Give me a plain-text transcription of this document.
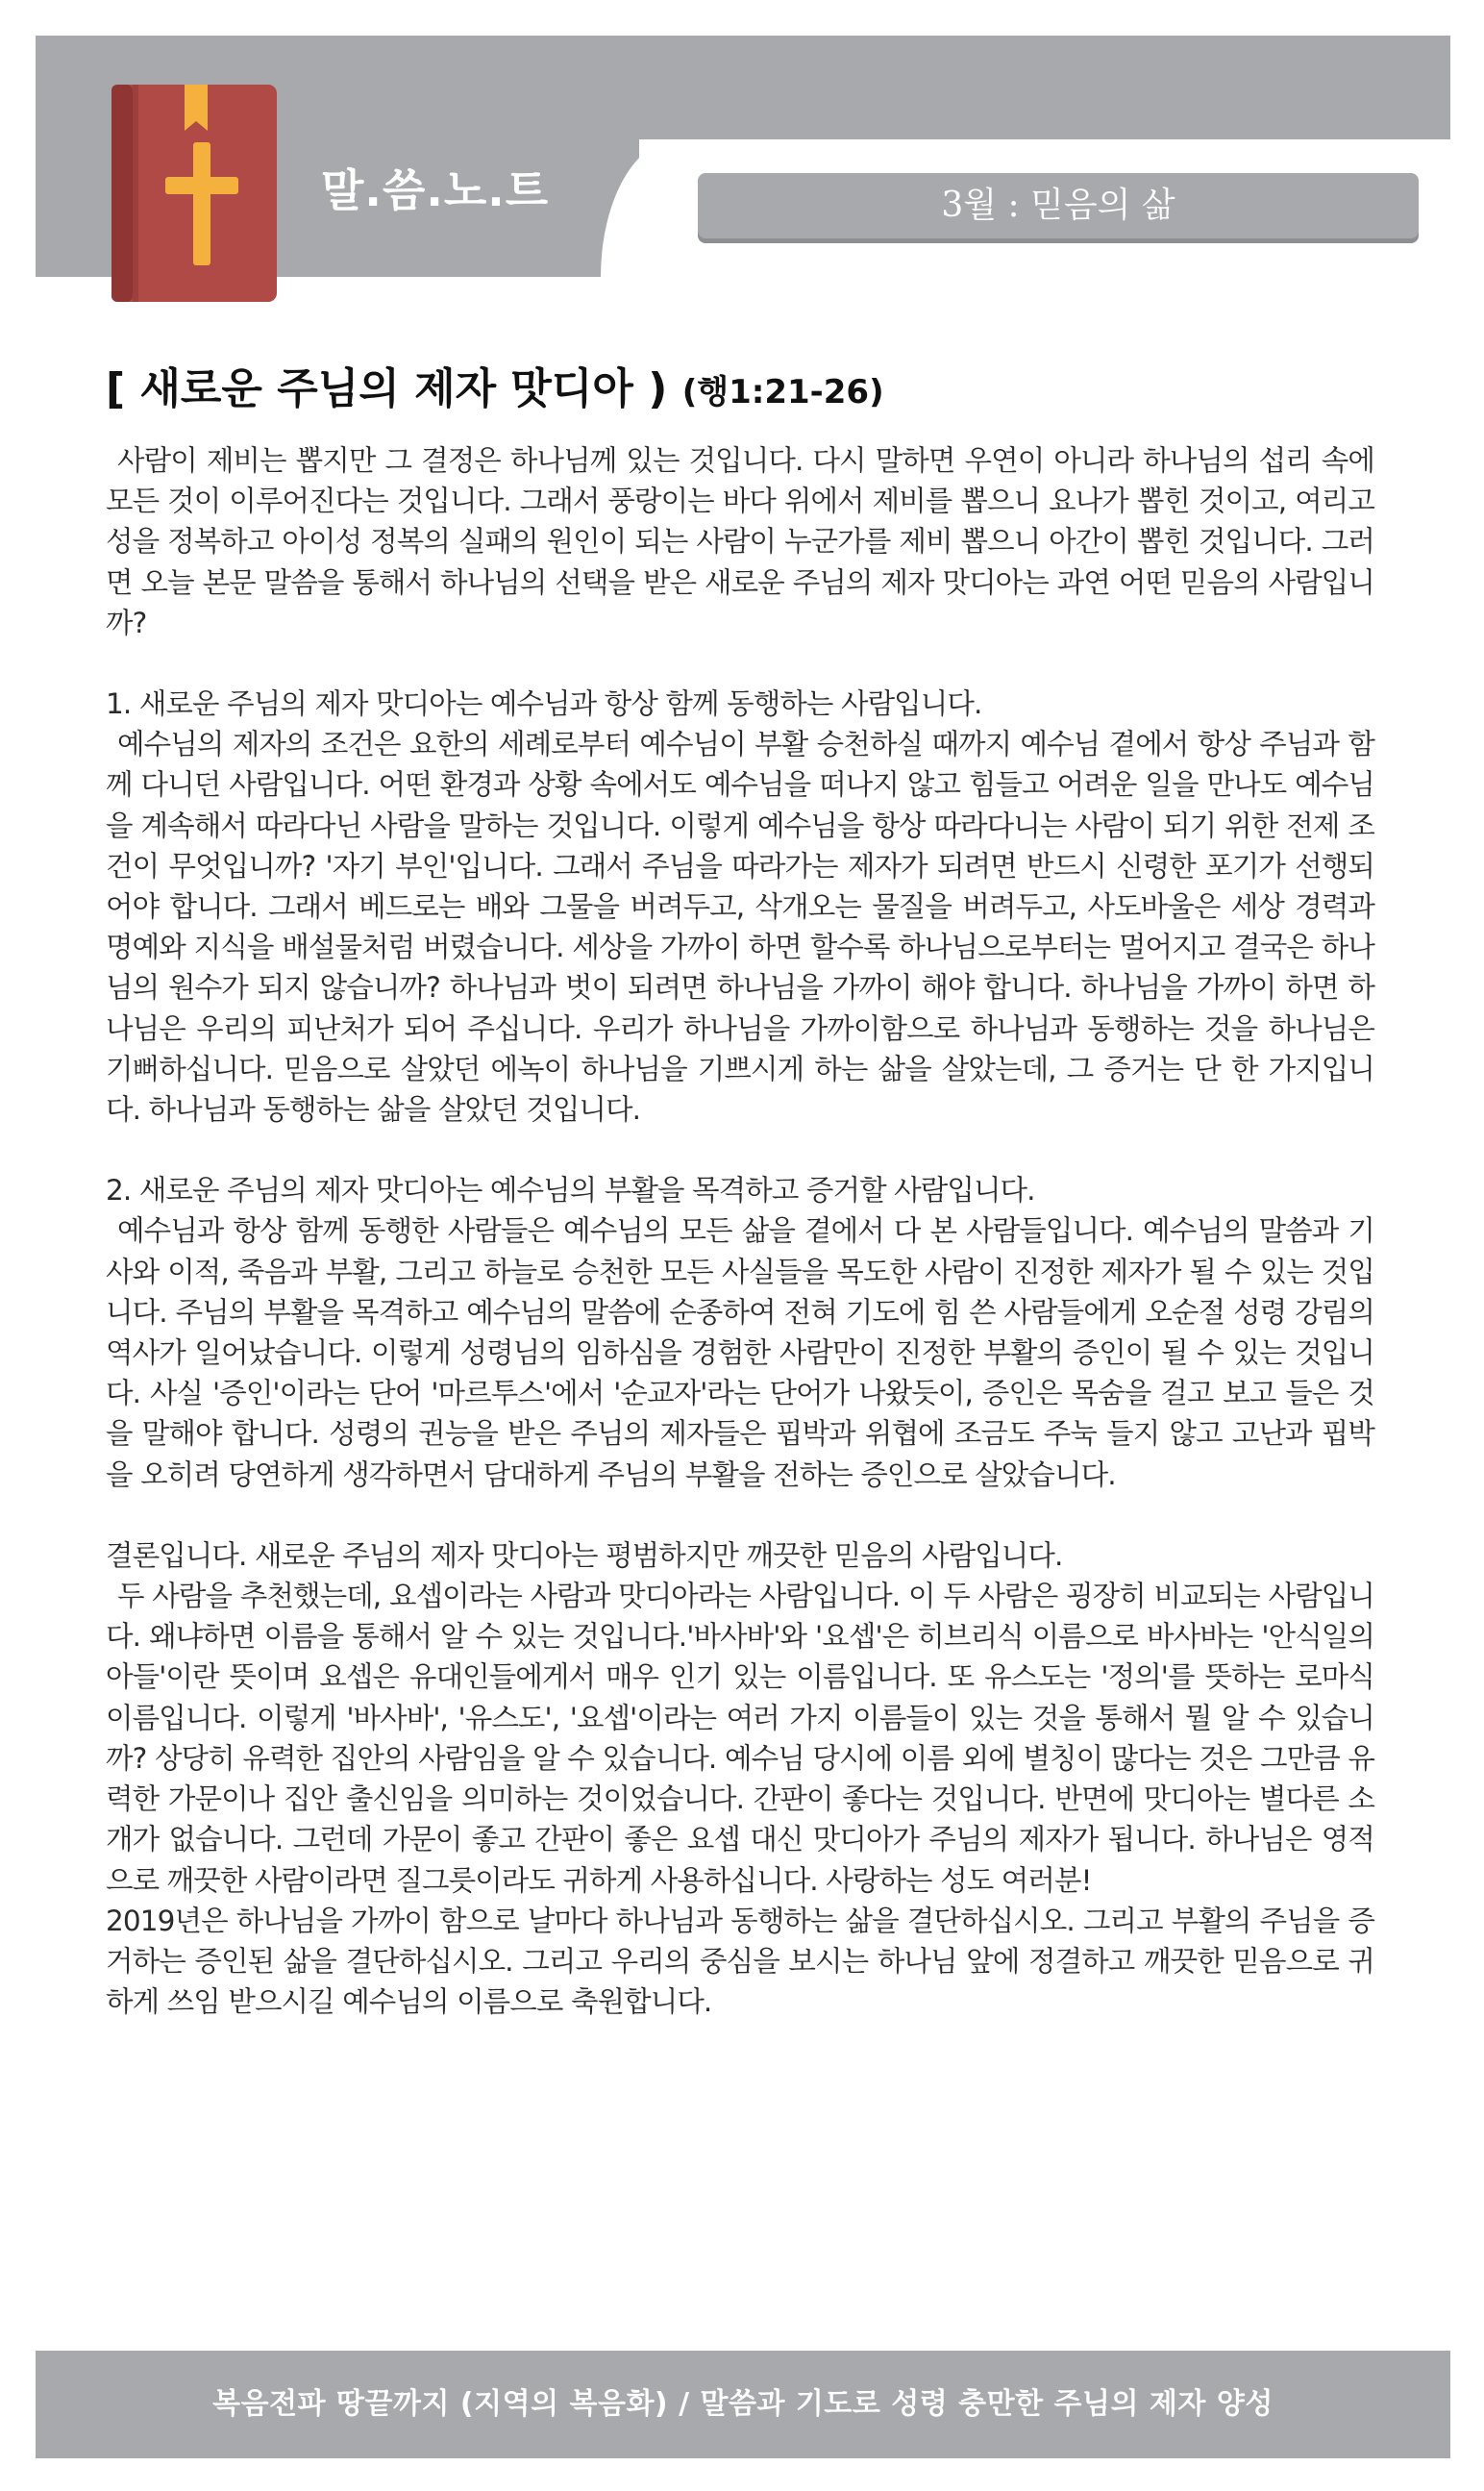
말.씀.노.트	3월 : 믿음의 삶
[ 새로운 주님의 제자 맛디아 ) (행1:21-26)

사람이 제비는 뽑지만 그 결정은 하나님께 있는 것입니다. 다시 말하면 우연이 아니라 하나님의 섭리 속에 모든 것이 이루어진다는 것입니다. 그래서 풍랑이는 바다 위에서 제비를 뽑으니 요나가 뽑힌 것이고, 여리고성을 정복하고 아이성 정복의 실패의 원인이 되는 사람이 누군가를 제비 뽑으니 아간이 뽑힌 것입니다. 그러면 오늘 본문 말씀을 통해서 하나님의 선택을 받은 새로운 주님의 제자 맛디아는 과연 어떤 믿음의 사람입니까?

1. 새로운 주님의 제자 맛디아는 예수님과 항상 함께 동행하는 사람입니다.

예수님의 제자의 조건은 요한의 세례로부터 예수님이 부활 승천하실 때까지 예수님 곁에서 항상 주님과 함께 다니던 사람입니다. 어떤 환경과 상황 속에서도 예수님을 떠나지 않고 힘들고 어려운 일을 만나도 예수님을 계속해서 따라다닌 사람을 말하는 것입니다. 이렇게 예수님을 항상 따라다니는 사람이 되기 위한 전제 조건이 무엇입니까? '자기 부인'입니다. 그래서 주님을 따라가는 제자가 되려면 반드시 신령한 포기가 선행되어야 합니다. 그래서 베드로는 배와 그물을 버려두고, 삭개오는 물질을 버려두고, 사도바울은 세상 경력과 명예와 지식을 배설물처럼 버렸습니다. 세상을 가까이 하면 할수록 하나님으로부터는 멀어지고 결국은 하나님의 원수가 되지 않습니까? 하나님과 벗이 되려면 하나님을 가까이 해야 합니다. 하나님을 가까이 하면 하나님은 우리의 피난처가 되어 주십니다. 우리가 하나님을 가까이함으로 하나님과 동행하는 것을 하나님은 기뻐하십니다. 믿음으로 살았던 에녹이 하나님을 기쁘시게 하는 삶을 살았는데, 그 증거는 단 한 가지입니다. 하나님과 동행하는 삶을 살았던 것입니다.

2. 새로운 주님의 제자 맛디아는 예수님의 부활을 목격하고 증거할 사람입니다.

예수님과 항상 함께 동행한 사람들은 예수님의 모든 삶을 곁에서 다 본 사람들입니다. 예수님의 말씀과 기사와 이적, 죽음과 부활, 그리고 하늘로 승천한 모든 사실들을 목도한 사람이 진정한 제자가 될 수 있는 것입니다. 주님의 부활을 목격하고 예수님의 말씀에 순종하여 전혀 기도에 힘 쓴 사람들에게 오순절 성령 강림의 역사가 일어났습니다. 이렇게 성령님의 임하심을 경험한 사람만이 진정한 부활의 증인이 될 수 있는 것입니다. 사실 '증인'이라는 단어 '마르투스'에서 '순교자'라는 단어가 나왔듯이, 증인은 목숨을 걸고 보고 들은 것을 말해야 합니다. 성령의 권능을 받은 주님의 제자들은 핍박과 위협에 조금도 주눅 들지 않고 고난과 핍박을 오히려 당연하게 생각하면서 담대하게 주님의 부활을 전하는 증인으로 살았습니다.

결론입니다. 새로운 주님의 제자 맛디아는 평범하지만 깨끗한 믿음의 사람입니다.

두 사람을 추천했는데, 요셉이라는 사람과 맛디아라는 사람입니다. 이 두 사람은 굉장히 비교되는 사람입니다. 왜냐하면 이름을 통해서 알 수 있는 것입니다.'바사바'와 '요셉'은 히브리식 이름으로 바사바는 '안식일의 아들'이란 뜻이며 요셉은 유대인들에게서 매우 인기 있는 이름입니다. 또 유스도는 '정의'를 뜻하는 로마식 이름입니다. 이렇게 '바사바', '유스도', '요셉'이라는 여러 가지 이름들이 있는 것을 통해서 뭘 알 수 있습니까? 상당히 유력한 집안의 사람임을 알 수 있습니다. 예수님 당시에 이름 외에 별칭이 많다는 것은 그만큼 유력한 가문이나 집안 출신임을 의미하는 것이었습니다. 간판이 좋다는 것입니다. 반면에 맛디아는 별다른 소개가 없습니다. 그런데 가문이 좋고 간판이 좋은 요셉 대신 맛디아가 주님의 제자가 됩니다. 하나님은 영적으로 깨끗한 사람이라면 질그릇이라도 귀하게 사용하십니다. 사랑하는 성도 여러분!

2019년은 하나님을 가까이 함으로 날마다 하나님과 동행하는 삶을 결단하십시오. 그리고 부활의 주님을 증거하는 증인된 삶을 결단하십시오. 그리고 우리의 중심을 보시는 하나님 앞에 정결하고 깨끗한 믿음으로 귀하게 쓰임 받으시길 예수님의 이름으로 축원합니다.

복음전파 땅끝까지 (지역의 복음화) / 말씀과 기도로 성령 충만한 주님의 제자 양성
